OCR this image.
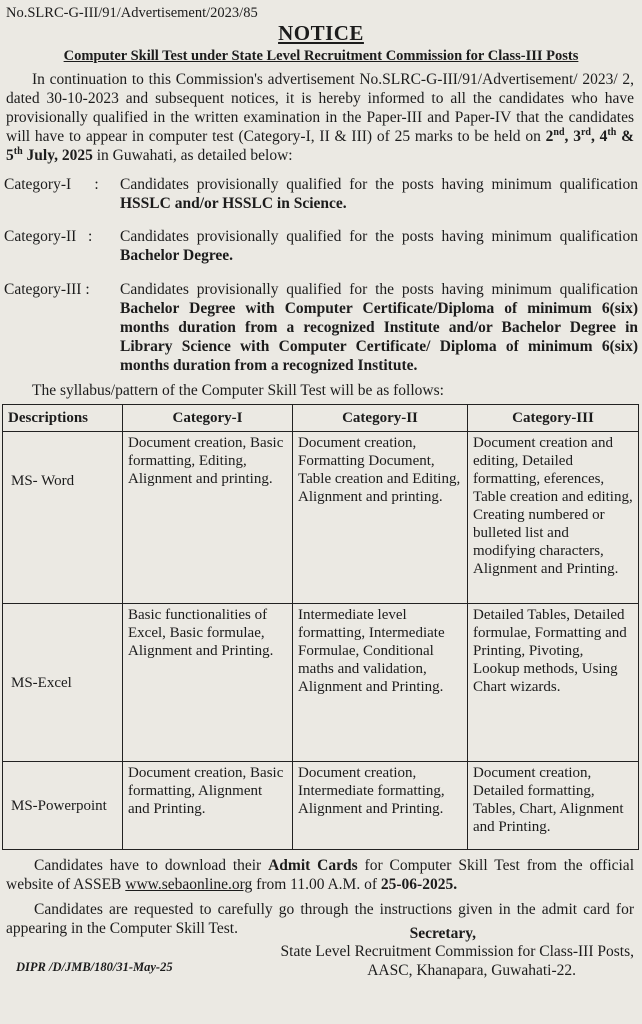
No.SLRC-G-III/91/Advertisement/2023/85
NOTICE
Computer Skill Test under State Level Recruitment Commission for Class-III Posts
In continuation to this Commission's advertisement No.SLRC-G-III/91/Advertisement/ 2023/ 2, dated 30-10-2023 and subsequent notices, it is hereby informed to all the candidates who have provisionally qualified in the written examination in the Paper-III and Paper-IV that the candidates will have to appear in computer test (Category-I, II & III) of 25 marks to be held on 2nd, 3rd, 4th & 5th July, 2025 in Guwahati, as detailed below:
Category-I :	Candidates provisionally qualified for the posts having minimum qualification HSSLC and/or HSSLC in Science.
Category-II :	Candidates provisionally qualified for the posts having minimum qualification Bachelor Degree.
Category-III :	Candidates provisionally qualified for the posts having minimum qualification Bachelor Degree with Computer Certificate/Diploma of minimum 6(six) months duration from a recognized Institute and/or Bachelor Degree in Library Science with Computer Certificate/ Diploma of minimum 6(six) months duration from a recognized Institute.
The syllabus/pattern of the Computer Skill Test will be as follows:
Descriptions	Category-I	Category-II	Category-III
MS- Word	Document creation, Basic formatting, Editing, Alignment and printing.	Document creation, Formatting Document, Table creation and Editing, Alignment and printing.	Document creation and editing, Detailed formatting, eferences, Table creation and editing, Creating numbered or bulleted list and modifying characters, Alignment and Printing.
MS-Excel	Basic functionalities of Excel, Basic formulae, Alignment and Printing.	Intermediate level formatting, Intermediate Formulae, Conditional maths and validation, Alignment and Printing.	Detailed Tables, Detailed formulae, Formatting and Printing, Pivoting, Lookup methods, Using Chart wizards.
MS-Powerpoint	Document creation, Basic formatting, Alignment and Printing.	Document creation, Intermediate formatting, Alignment and Printing.	Document creation, Detailed formatting, Tables, Chart, Alignment and Printing.
Candidates have to download their Admit Cards for Computer Skill Test from the official website of ASSEB www.sebaonline.org from 11.00 A.M. of 25-06-2025.
Candidates are requested to carefully go through the instructions given in the admit card for appearing in the Computer Skill Test.	Secretary,
State Level Recruitment Commission for Class-III Posts,
AASC, Khanapara, Guwahati-22.
DIPR /D/JMB/180/31-May-25
